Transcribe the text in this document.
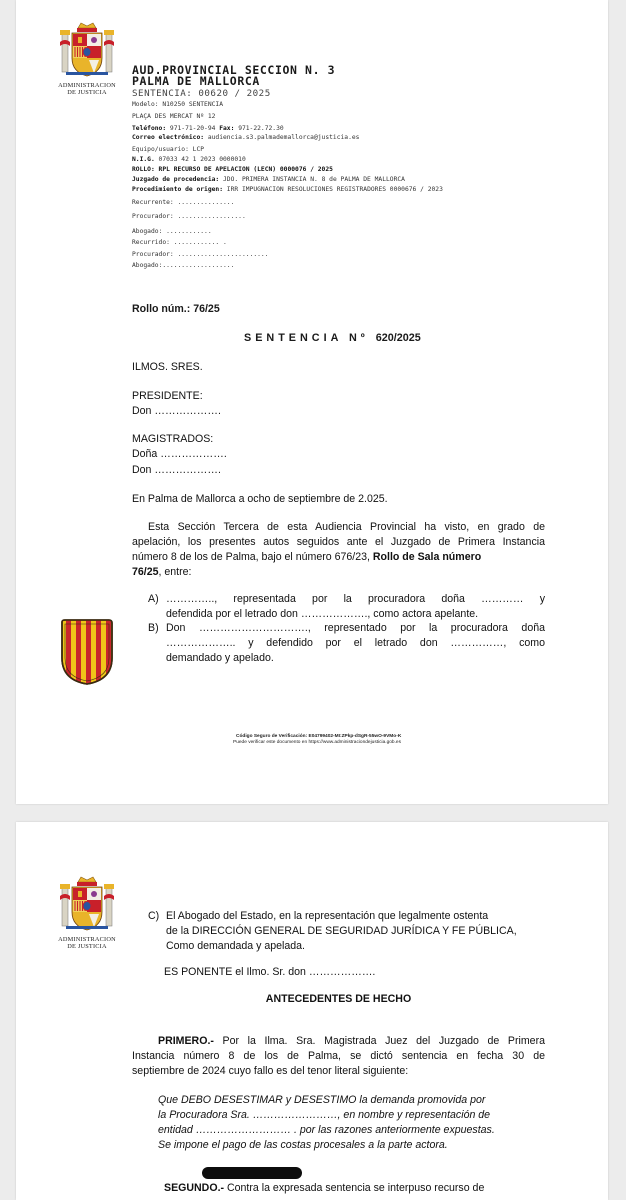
ADMINISTRACION
DE JUSTICIA
AUD.PROVINCIAL SECCION N. 3
PALMA DE MALLORCA
SENTENCIA: 00620 / 2025
Modelo: N10250 SENTENCIA
PLAÇA DES MERCAT Nº 12
Teléfono: 971-71-20-94 Fax: 971-22.72.30
Correo electrónico: audiencia.s3.palmademallorca@justicia.es
Equipo/usuario: LCP
N.I.G. 07033 42 1 2023 0000010
ROLLO: RPL RECURSO DE APELACION (LECN) 0000076 / 2025
Juzgado de procedencia: JDO. PRIMERA INSTANCIA N. 8 de PALMA DE MALLORCA
Procedimiento de origen: IRR IMPUGNACION RESOLUCIONES REGISTRADORES 0000676 / 2023
Recurrente: ...............
Procurador: ..................
Abogado: ............
Recurrido: ............ .
Procurador: ........................
Abogado:...................
Rollo núm.: 76/25
SENTENCIA Nº 620/2025
ILMOS. SRES.
PRESIDENTE:
Don ……………….
MAGISTRADOS:
Doña ……………….
Don ……………….
En Palma de Mallorca a ocho de septiembre de 2.025.
Esta Sección Tercera de esta Audiencia Provincial ha visto, en grado de
apelación, los presentes autos seguidos ante el Juzgado de Primera Instancia
número 8 de los de Palma, bajo el número 676/23, Rollo de Sala número
76/25, entre:
A) ………….., representada por la procuradora doña ………… y
defendida por el letrado don ………………., como actora apelante.
B) Don …………………………., representado por la procuradora doña
……………….. y defendido por el letrado don ……………, como
demandado y apelado.
Código Seguro de Verificación: E04799402-MI:ZPkp-dSgR-55wO-9VMo-K
Puede verificar este documento en https://www.administraciondejusticia.gob.es
ADMINISTRACION
DE JUSTICIA
C) El Abogado del Estado, en la representación que legalmente ostenta
de la DIRECCIÓN GENERAL DE SEGURIDAD JURÍDICA Y FE PÚBLICA,
Como demandada y apelada.
ES PONENTE el Ilmo. Sr. don ……………….
ANTECEDENTES DE HECHO
PRIMERO.- Por la Ilma. Sra. Magistrada Juez del Juzgado de Primera
Instancia número 8 de los de Palma, se dictó sentencia en fecha 30 de
septiembre de 2024 cuyo fallo es del tenor literal siguiente:
Que DEBO DESESTIMAR y DESESTIMO la demanda promovida por
la Procuradora Sra. ……………………, en nombre y representación de
entidad ……………………… . por las razones anteriormente expuestas.
Se impone el pago de las costas procesales a la parte actora.
SEGUNDO.- Contra la expresada sentencia se interpuso recurso de
